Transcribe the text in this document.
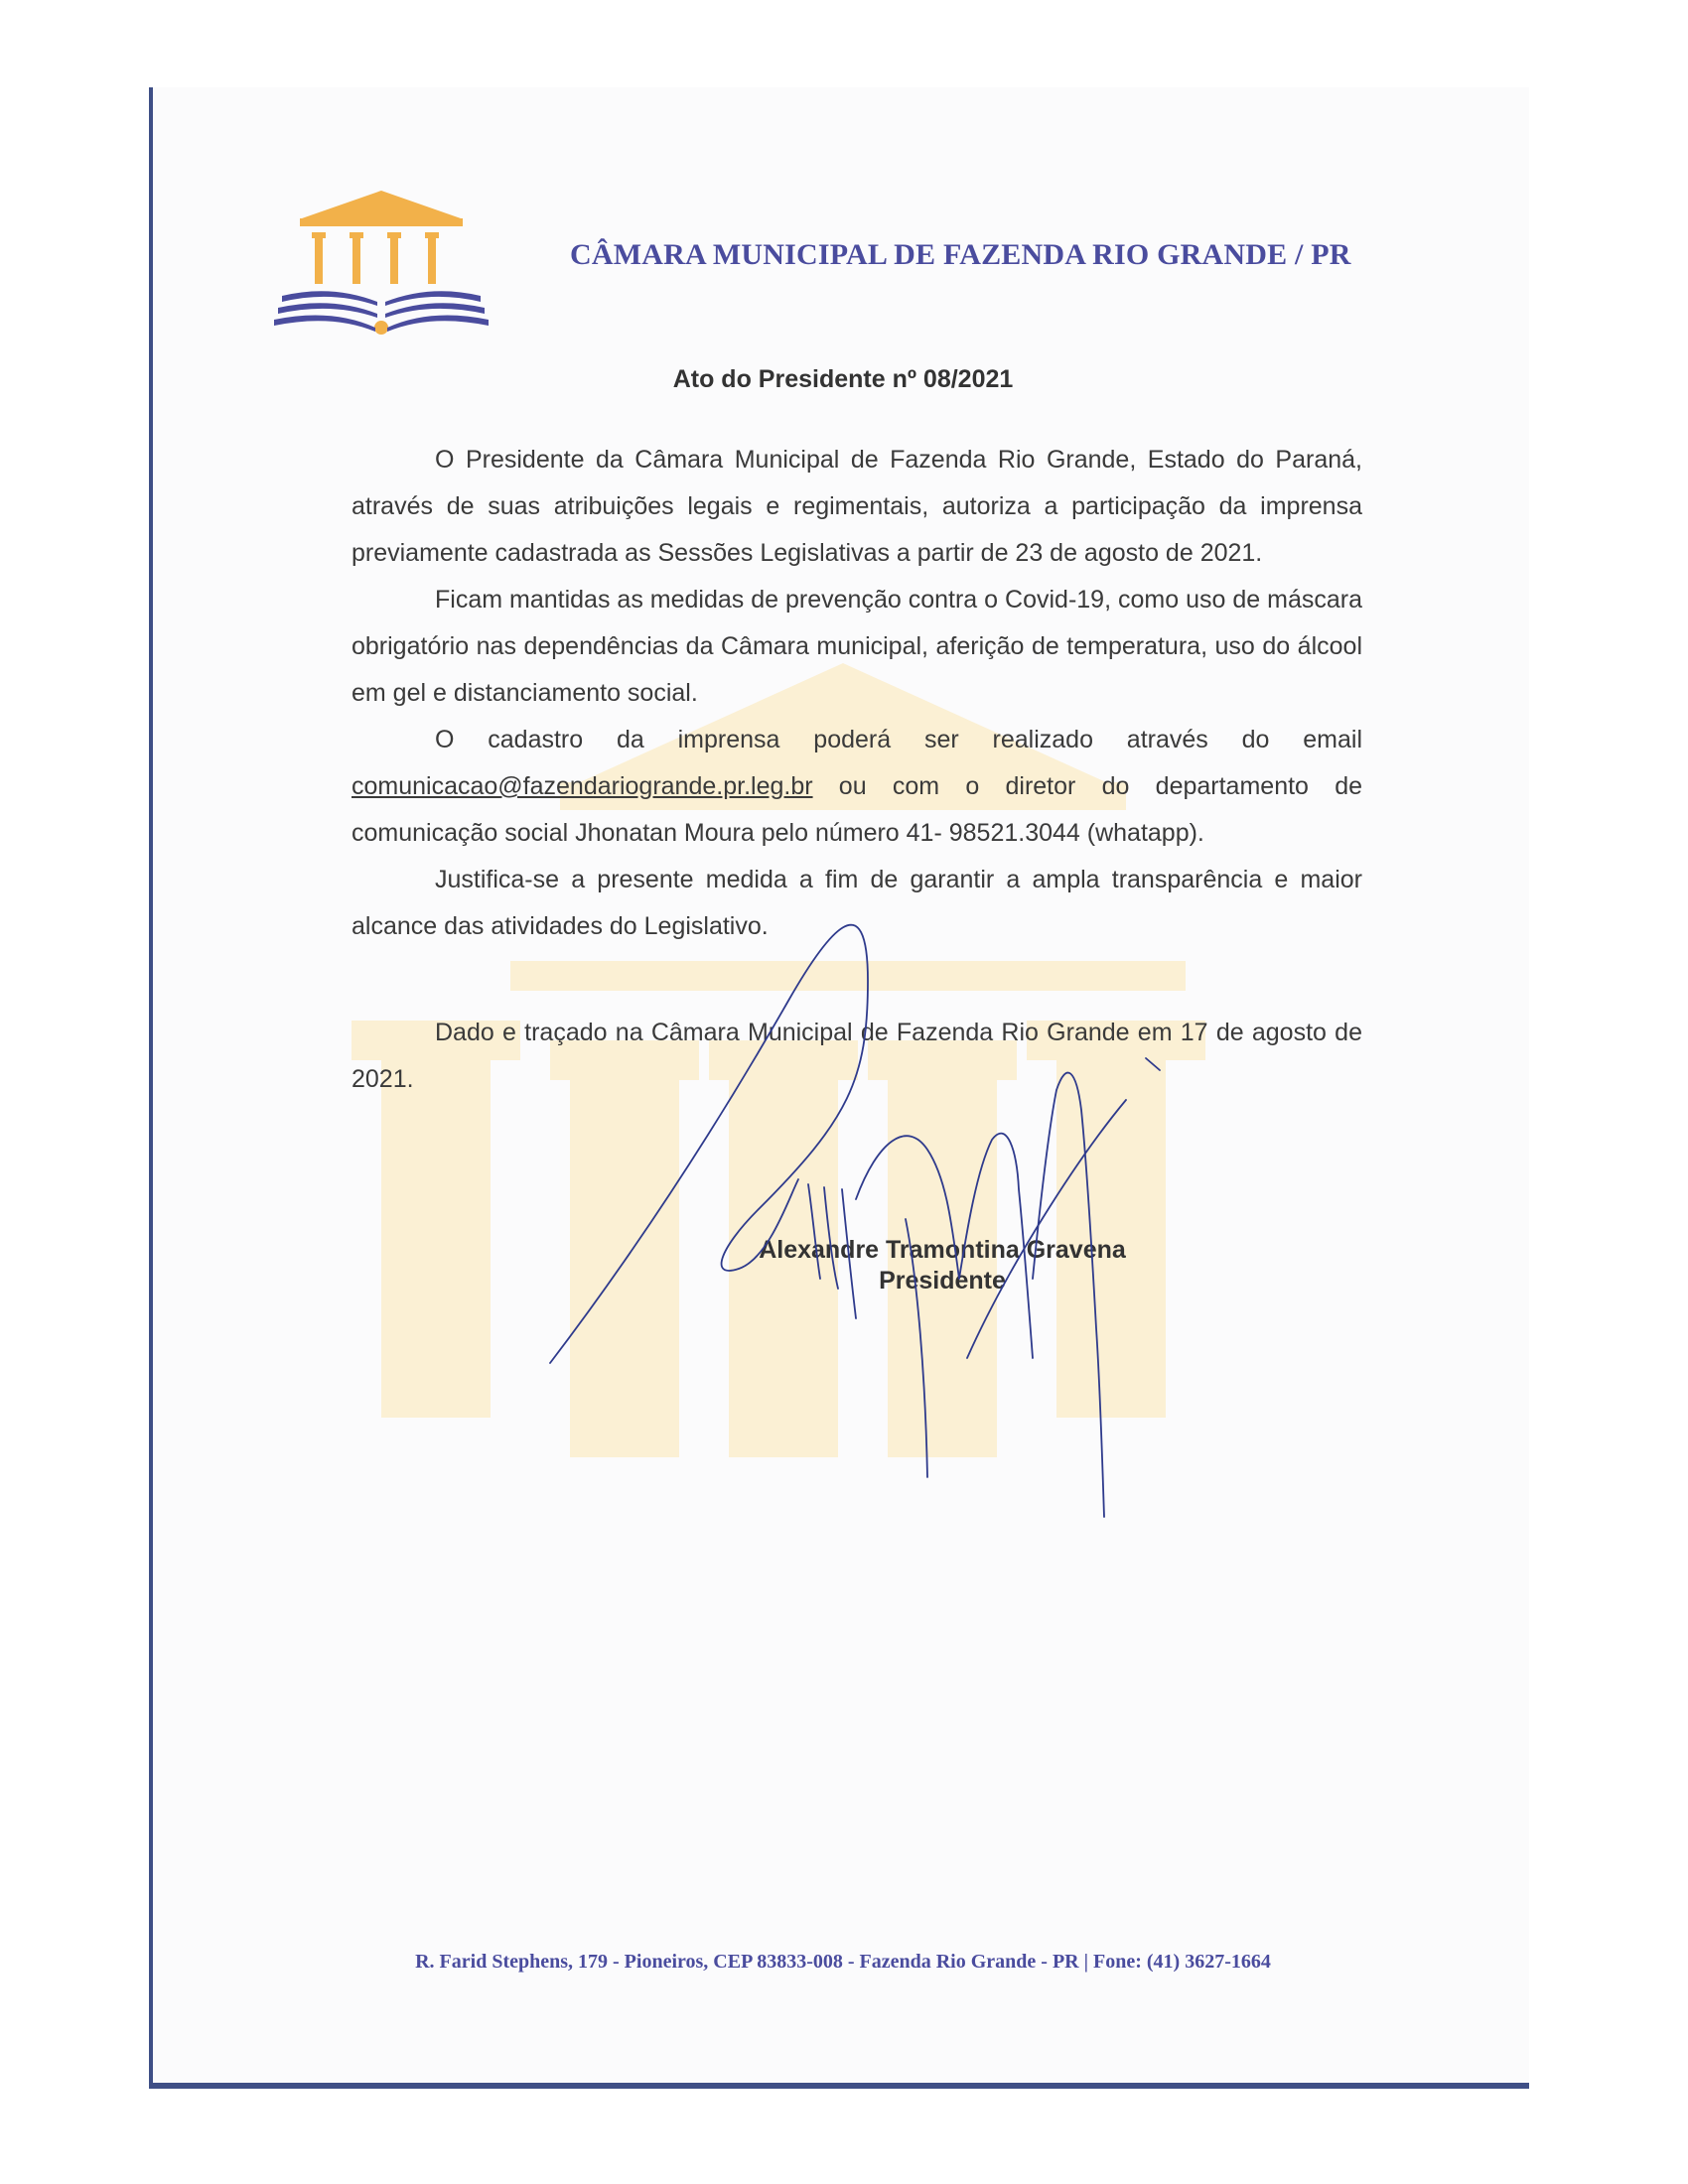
CÂMARA MUNICIPAL DE FAZENDA RIO GRANDE / PR
Ato do Presidente nº 08/2021

O Presidente da Câmara Municipal de Fazenda Rio Grande, Estado do Paraná, através de suas atribuições legais e regimentais, autoriza a participação da imprensa previamente cadastrada as Sessões Legislativas a partir de 23 de agosto de 2021.

Ficam mantidas as medidas de prevenção contra o Covid-19, como uso de máscara obrigatório nas dependências da Câmara municipal, aferição de temperatura, uso do álcool em gel e distanciamento social.

O cadastro da imprensa poderá ser realizado através do email comunicacao@fazendariogrande.pr.leg.br ou com o diretor do departamento de comunicação social Jhonatan Moura pelo número 41- 98521.3044 (whatapp).

Justifica-se a presente medida a fim de garantir a ampla transparência e maior alcance das atividades do Legislativo.

Dado e traçado na Câmara Municipal de Fazenda Rio Grande em 17 de agosto de 2021.

Alexandre Tramontina Gravena
Presidente
R. Farid Stephens, 179 - Pioneiros, CEP 83833-008 - Fazenda Rio Grande - PR | Fone: (41) 3627-1664
